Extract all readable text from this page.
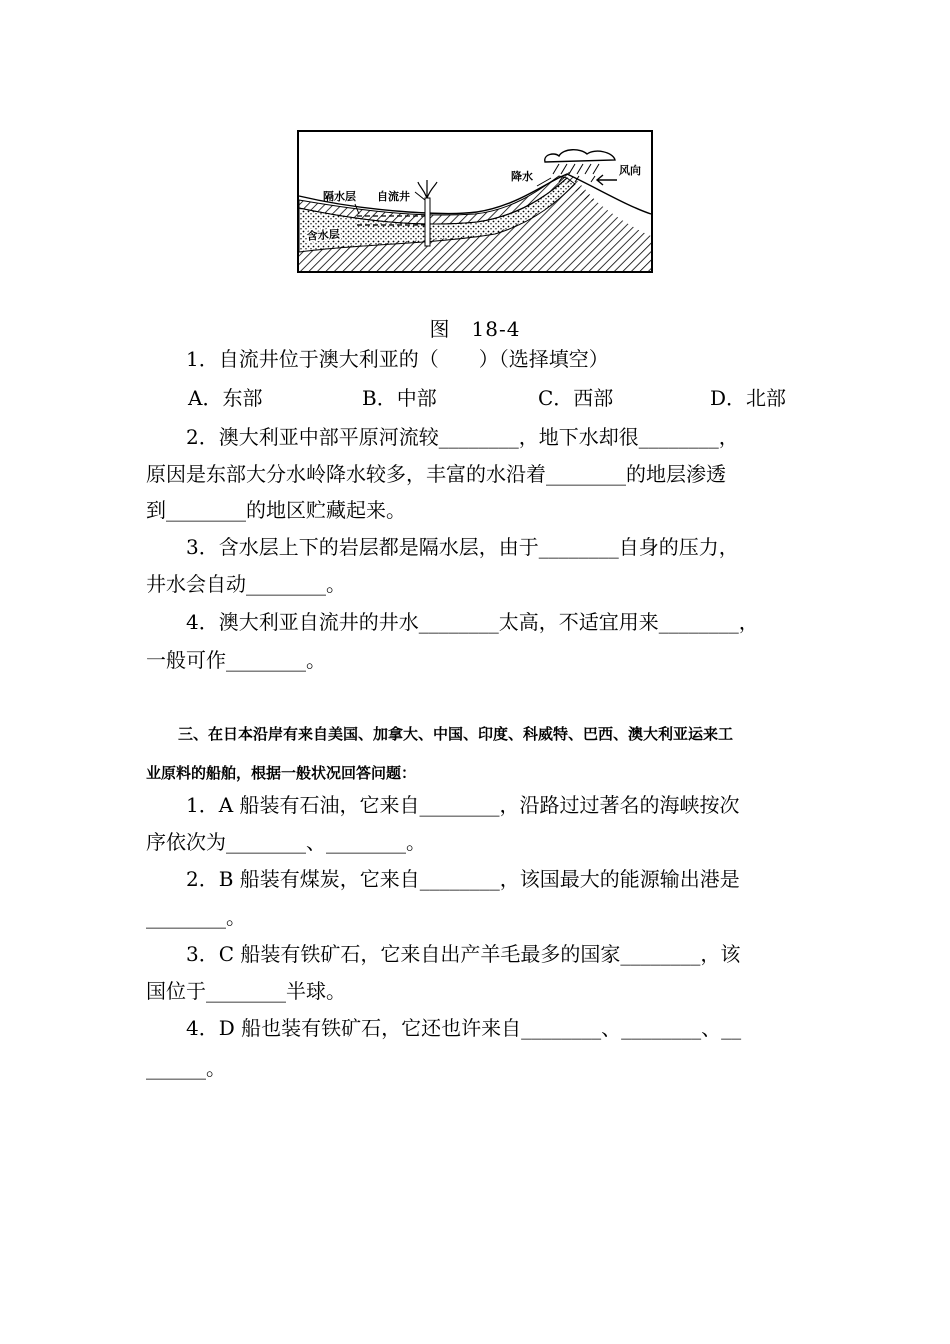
隔水层 自流井
降水	风向
含水层
图　18-4
1．自流井位于澳大利亚的（　　）（选择填空）
A．东部	B．中部	C．西部	D．北部
2．澳大利亚中部平原河流较________，地下水却很________，
原因是东部大分水岭降水较多，丰富的水沿着________的地层渗透
到________的地区贮藏起来。
3．含水层上下的岩层都是隔水层，由于________自身的压力，
井水会自动________。
4．澳大利亚自流井的井水________太高，不适宜用来________，
一般可作________。
三、在日本沿岸有来自美国、加拿大、中国、印度、科威特、巴西、澳大利亚运来工
业原料的船舶，根据一般状况回答问题：
1．A 船装有石油，它来自________，沿路过过著名的海峡按次
序依次为________、________。
2．B 船装有煤炭，它来自________，该国最大的能源输出港是
________。
3．C 船装有铁矿石，它来自出产羊毛最多的国家________，该
国位于________半球。
4．D 船也装有铁矿石，它还也许来自________、________、__
______。
